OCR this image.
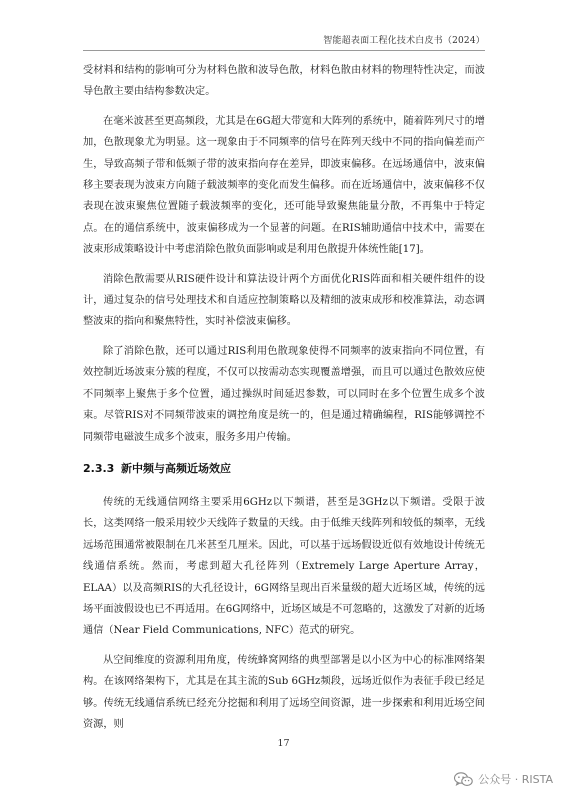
智能超表面工程化技术白皮书（2024）

受材料和结构的影响可分为材料色散和波导色散，材料色散由材料的物理特性决定，而波导色散主要由结构参数决定。

在毫米波甚至更高频段，尤其是在6G超大带宽和大阵列的系统中，随着阵列尺寸的增加，色散现象尤为明显。这一现象由于不同频率的信号在阵列天线中不同的指向偏差而产生，导致高频子带和低频子带的波束指向存在差异，即波束偏移。在远场通信中，波束偏移主要表现为波束方向随子载波频率的变化而发生偏移。而在近场通信中，波束偏移不仅表现在波束聚焦位置随子载波频率的变化，还可能导致聚焦能量分散，不再集中于特定点。在的通信系统中，波束偏移成为一个显著的问题。在RIS辅助通信中技术中，需要在波束形成策略设计中考虑消除色散负面影响或是利用色散提升体统性能[17]。

消除色散需要从RIS硬件设计和算法设计两个方面优化RIS阵面和相关硬件组件的设计，通过复杂的信号处理技术和自适应控制策略以及精细的波束成形和校准算法，动态调整波束的指向和聚焦特性，实时补偿波束偏移。

除了消除色散，还可以通过RIS利用色散现象使得不同频率的波束指向不同位置，有效控制近场波束分簇的程度，不仅可以按需动态实现覆盖增强，而且可以通过色散效应使不同频率上聚焦于多个位置，通过操纵时间延迟参数，可以同时在多个位置生成多个波束。尽管RIS对不同频带波束的调控角度是统一的，但是通过精确编程，RIS能够调控不同频带电磁波生成多个波束，服务多用户传输。

2.3.3 新中频与高频近场效应

传统的无线通信网络主要采用6GHz以下频谱，甚至是3GHz以下频谱。受限于波长，这类网络一般采用较少天线阵子数量的天线。由于低维天线阵列和较低的频率，无线远场范围通常被限制在几米甚至几厘米。因此，可以基于远场假设近似有效地设计传统无线通信系统。然而，考虑到超大孔径阵列（Extremely Large Aperture Array，ELAA）以及高频RIS的大孔径设计，6G网络呈现出百米量级的超大近场区域，传统的远场平面波假设也已不再适用。在6G网络中，近场区域是不可忽略的，这激发了对新的近场通信（Near Field Communications, NFC）范式的研究。

从空间维度的资源利用角度，传统蜂窝网络的典型部署是以小区为中心的标准网络架构。在该网络架构下，尤其是在其主流的Sub 6GHz频段，远场近似作为表征手段已经足够。传统无线通信系统已经充分挖掘和利用了远场空间资源，进一步探索和利用近场空间资源，则

17
公众号 · RISTA
